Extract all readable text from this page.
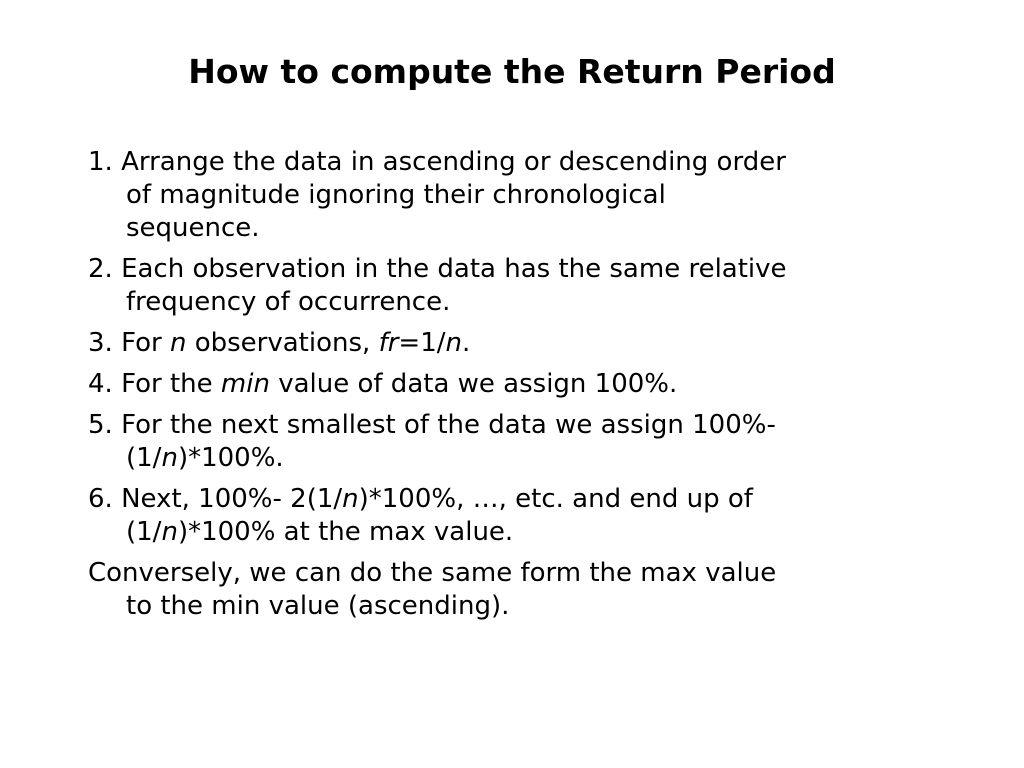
How to compute the Return Period
1. Arrange the data in ascending or descending order
of magnitude ignoring their chronological
sequence.
2. Each observation in the data has the same relative
frequency of occurrence.
3. For n observations, fr=1/n.
4. For the min value of data we assign 100%.
5. For the next smallest of the data we assign 100%-
(1/n)*100%.
6. Next, 100%- 2(1/n)*100%, …, etc. and end up of
(1/n)*100% at the max value.
Conversely, we can do the same form the max value
to the min value (ascending).
